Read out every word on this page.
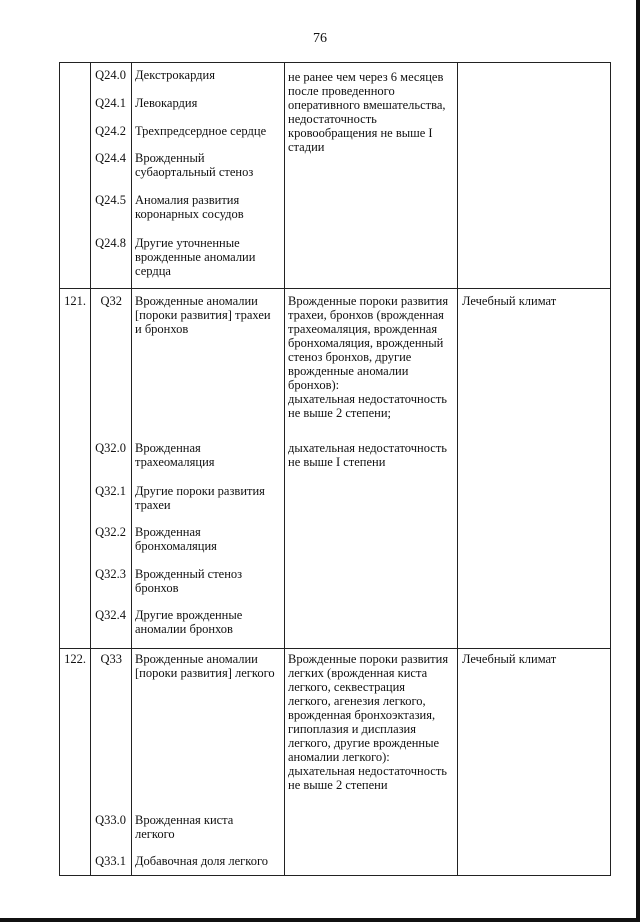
76
Q24.0 Декстрокардия
Q24.1 Левокардия
Q24.2 Трехпредсердное сердце
Q24.4 Врожденный
субаортальный стеноз
Q24.5 Аномалия развития
коронарных сосудов
Q24.8 Другие уточненные
врожденные аномалии
сердца
не ранее чем через 6 месяцев
после проведенного
оперативного вмешательства,
недостаточность
кровообращения не выше I
стадии
121.	Q32 Врожденные аномалии
[пороки развития] трахеи
и бронхов
Врожденные пороки развития
трахеи, бронхов (врожденная
трахеомаляция, врожденная
бронхомаляция, врожденный
стеноз бронхов, другие
врожденные аномалии
бронхов):
дыхательная недостаточность
не выше 2 степени;
Лечебный климат
Q32.0 Врожденная
трахеомаляция
дыхательная недостаточность
не выше I степени
Q32.1 Другие пороки развития
трахеи
Q32.2 Врожденная
бронхомаляция
Q32.3 Врожденный стеноз
бронхов
Q32.4 Другие врожденные
аномалии бронхов
122.	Q33 Врожденные аномалии
[пороки развития] легкого
Врожденные пороки развития
легких (врожденная киста
легкого, секвестрация
легкого, агенезия легкого,
врожденная бронхоэктазия,
гипоплазия и дисплазия
легкого, другие врожденные
аномалии легкого):
дыхательная недостаточность
не выше 2 степени
Лечебный климат
Q33.0 Врожденная киста
легкого
Q33.1 Добавочная доля легкого
